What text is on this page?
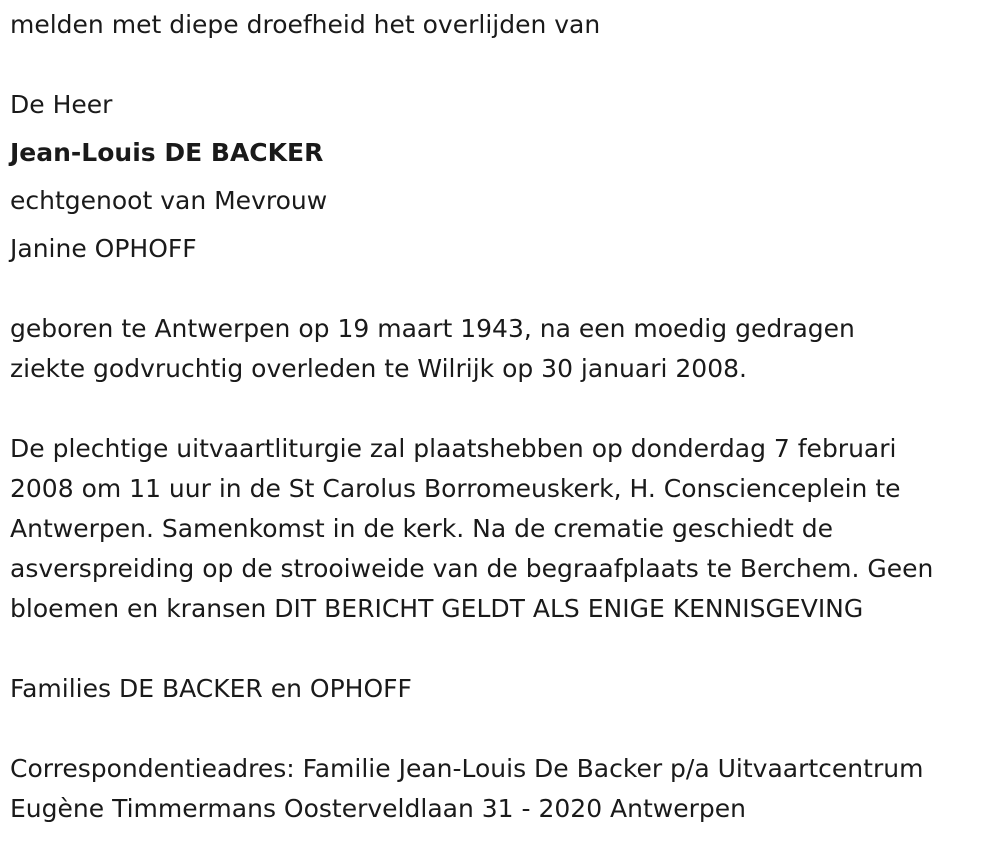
melden met diepe droefheid het overlijden van
De Heer
Jean-Louis DE BACKER
echtgenoot van Mevrouw
Janine OPHOFF
geboren te Antwerpen op 19 maart 1943, na een moedig gedragen
ziekte godvruchtig overleden te Wilrijk op 30 januari 2008.
De plechtige uitvaartliturgie zal plaatshebben op donderdag 7 februari
2008 om 11 uur in de St Carolus Borromeuskerk, H. Conscienceplein te
Antwerpen. Samenkomst in de kerk. Na de crematie geschiedt de
asverspreiding op de strooiweide van de begraafplaats te Berchem. Geen
bloemen en kransen DIT BERICHT GELDT ALS ENIGE KENNISGEVING
Families DE BACKER en OPHOFF
Correspondentieadres: Familie Jean-Louis De Backer p/a Uitvaartcentrum
Eugène Timmermans Oosterveldlaan 31 - 2020 Antwerpen
